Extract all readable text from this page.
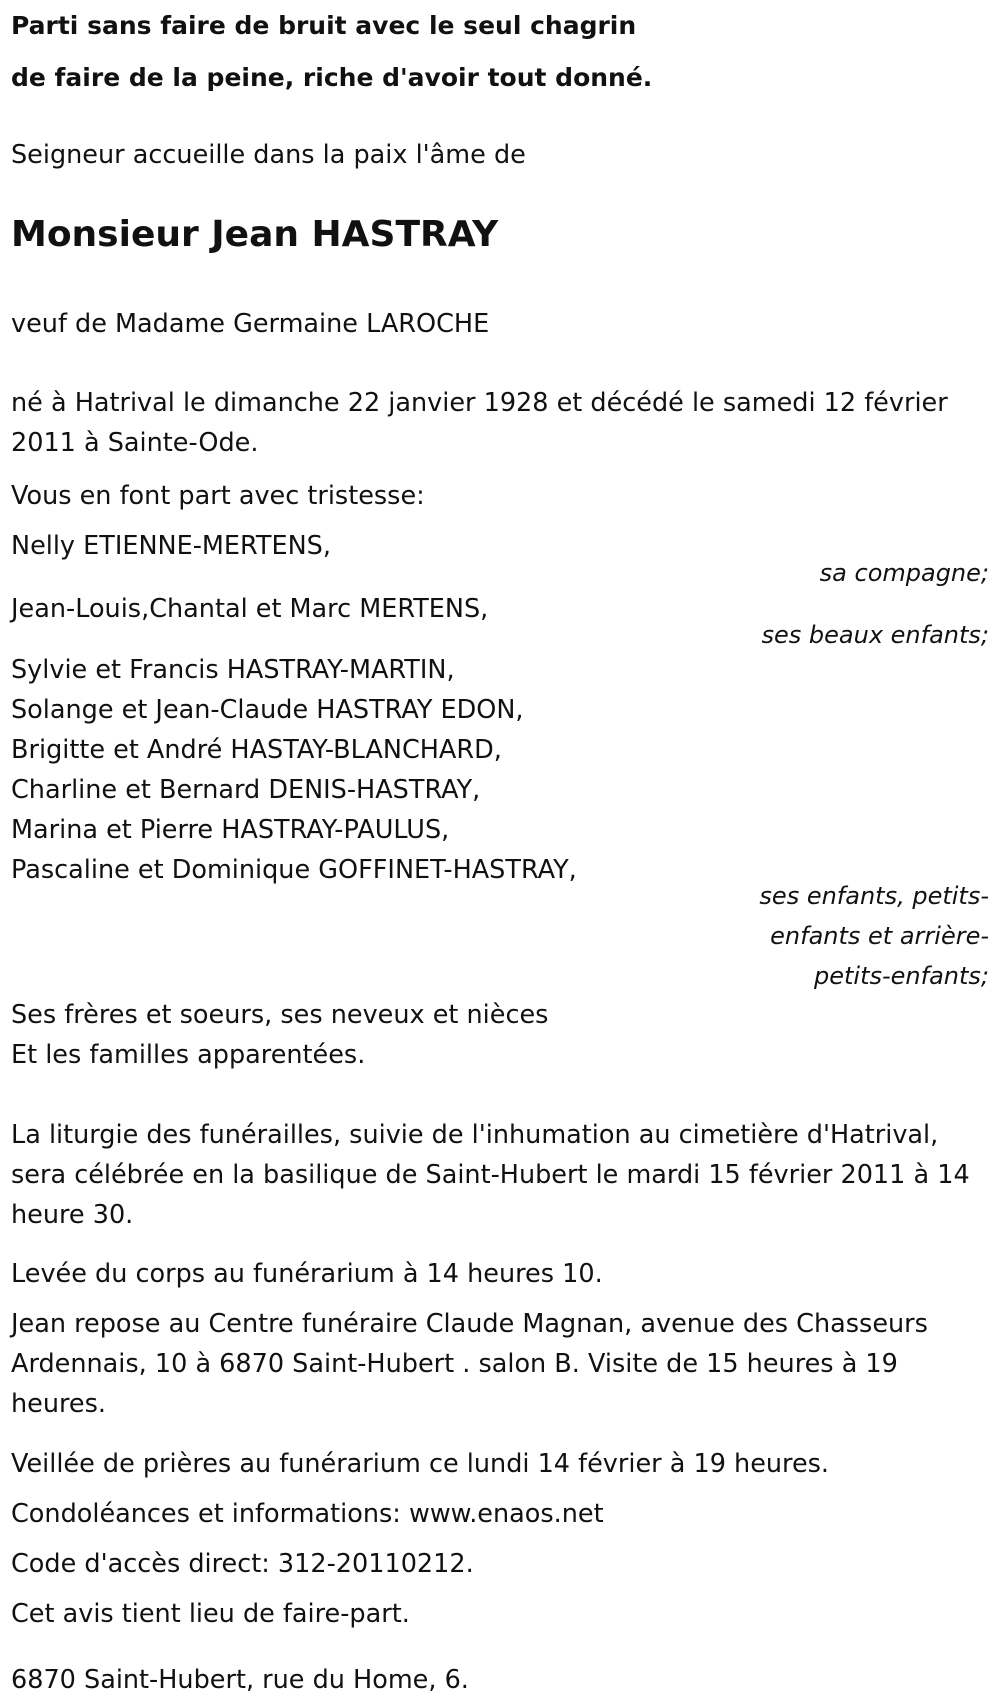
Parti sans faire de bruit avec le seul chagrin

de faire de la peine, riche d'avoir tout donné.

Seigneur accueille dans la paix l'âme de

Monsieur Jean HASTRAY

veuf de Madame Germaine LAROCHE

né à Hatrival le dimanche 22 janvier 1928 et décédé le samedi 12 février

2011 à Sainte-Ode.

Vous en font part avec tristesse:

Nelly ETIENNE-MERTENS,

sa compagne;

Jean-Louis,Chantal et Marc MERTENS,

ses beaux enfants;

Sylvie et Francis HASTRAY-MARTIN,

Solange et Jean-Claude HASTRAY EDON,

Brigitte et André HASTAY-BLANCHARD,

Charline et Bernard DENIS-HASTRAY,

Marina et Pierre HASTRAY-PAULUS,

Pascaline et Dominique GOFFINET-HASTRAY,

ses enfants, petits-

enfants et arrière-

petits-enfants;

Ses frères et soeurs, ses neveux et nièces

Et les familles apparentées.

La liturgie des funérailles, suivie de l'inhumation au cimetière d'Hatrival,

sera célébrée en la basilique de Saint-Hubert le mardi 15 février 2011 à 14

heure 30.

Levée du corps au funérarium à 14 heures 10.

Jean repose au Centre funéraire Claude Magnan, avenue des Chasseurs

Ardennais, 10 à 6870 Saint-Hubert . salon B. Visite de 15 heures à 19

heures.

Veillée de prières au funérarium ce lundi 14 février à 19 heures.

Condoléances et informations: www.enaos.net

Code d'accès direct: 312-20110212.

Cet avis tient lieu de faire-part.

6870 Saint-Hubert, rue du Home, 6.
